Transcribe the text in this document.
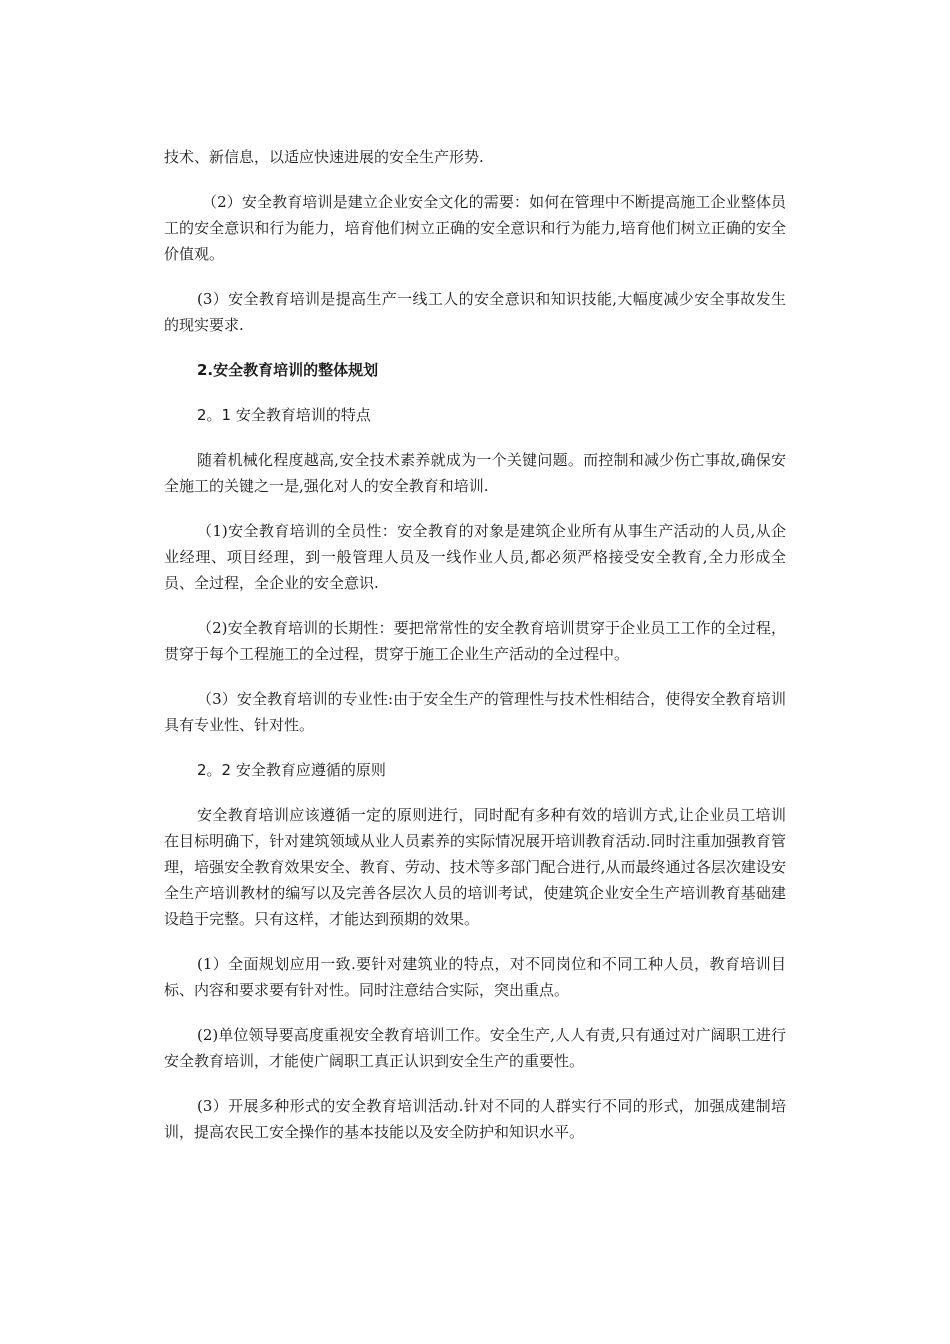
技术、新信息，以适应快速进展的安全生产形势.

（2）安全教育培训是建立企业安全文化的需要：如何在管理中不断提高施工企业整体员工的安全意识和行为能力，培育他们树立正确的安全意识和行为能力,培育他们树立正确的安全价值观。

(3）安全教育培训是提高生产一线工人的安全意识和知识技能,大幅度减少安全事故发生的现实要求.

2.安全教育培训的整体规划

2。1 安全教育培训的特点

随着机械化程度越高,安全技术素养就成为一个关键问题。而控制和减少伤亡事故,确保安全施工的关键之一是,强化对人的安全教育和培训.

（1)安全教育培训的全员性：安全教育的对象是建筑企业所有从事生产活动的人员,从企业经理、项目经理，到一般管理人员及一线作业人员,都必须严格接受安全教育,全力形成全员、全过程，全企业的安全意识.

（2)安全教育培训的长期性：要把常常性的安全教育培训贯穿于企业员工工作的全过程，贯穿于每个工程施工的全过程，贯穿于施工企业生产活动的全过程中。

（3）安全教育培训的专业性:由于安全生产的管理性与技术性相结合，使得安全教育培训具有专业性、针对性。

2。2 安全教育应遵循的原则

安全教育培训应该遵循一定的原则进行，同时配有多种有效的培训方式,让企业员工培训在目标明确下，针对建筑领域从业人员素养的实际情况展开培训教育活动.同时注重加强教育管理，培强安全教育效果安全、教育、劳动、技术等多部门配合进行,从而最终通过各层次建设安全生产培训教材的编写以及完善各层次人员的培训考试，使建筑企业安全生产培训教育基础建设趋于完整。只有这样，才能达到预期的效果。

(1）全面规划应用一致.要针对建筑业的特点，对不同岗位和不同工种人员，教育培训目标、内容和要求要有针对性。同时注意结合实际，突出重点。

(2)单位领导要高度重视安全教育培训工作。安全生产,人人有责,只有通过对广阔职工进行安全教育培训，才能使广阔职工真正认识到安全生产的重要性。

(3）开展多种形式的安全教育培训活动.针对不同的人群实行不同的形式，加强成建制培训，提高农民工安全操作的基本技能以及安全防护和知识水平。
